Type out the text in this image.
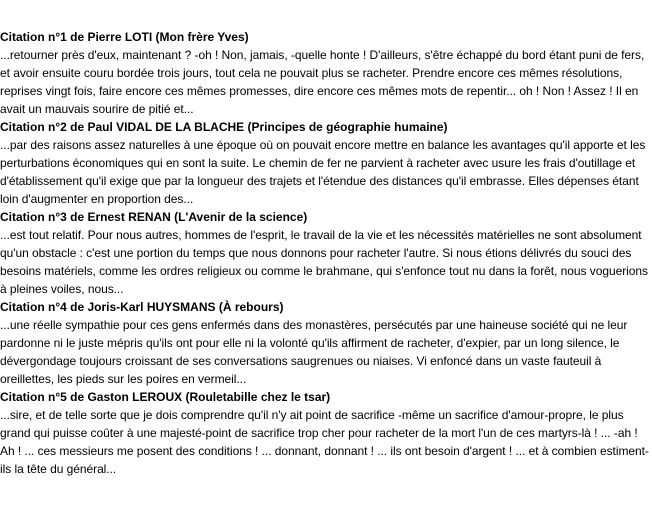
Citation n°1 de Pierre LOTI (Mon frère Yves)
...retourner près d'eux, maintenant ? -oh ! Non, jamais, -quelle honte ! D'ailleurs, s'être échappé du bord étant puni de fers, et avoir ensuite couru bordée trois jours, tout cela ne pouvait plus se racheter. Prendre encore ces mêmes résolutions, reprises vingt fois, faire encore ces mêmes promesses, dire encore ces mêmes mots de repentir... oh ! Non ! Assez ! Il en avait un mauvais sourire de pitié et...
Citation n°2 de Paul VIDAL DE LA BLACHE (Principes de géographie humaine)
...par des raisons assez naturelles à une époque où on pouvait encore mettre en balance les avantages qu'il apporte et les perturbations économiques qui en sont la suite. Le chemin de fer ne parvient à racheter avec usure les frais d'outillage et d'établissement qu'il exige que par la longueur des trajets et l'étendue des distances qu'il embrasse. Elles dépenses étant loin d'augmenter en proportion des...
Citation n°3 de Ernest RENAN (L'Avenir de la science)
...est tout relatif. Pour nous autres, hommes de l'esprit, le travail de la vie et les nécessités matérielles ne sont absolument qu'un obstacle : c'est une portion du temps que nous donnons pour racheter l'autre. Si nous étions délivrés du souci des besoins matériels, comme les ordres religieux ou comme le brahmane, qui s'enfonce tout nu dans la forêt, nous voguerions à pleines voiles, nous...
Citation n°4 de Joris-Karl HUYSMANS (À rebours)
...une réelle sympathie pour ces gens enfermés dans des monastères, persécutés par une haineuse société qui ne leur pardonne ni le juste mépris qu'ils ont pour elle ni la volonté qu'ils affirment de racheter, d'expier, par un long silence, le dévergondage toujours croissant de ses conversations saugrenues ou niaises. Vi enfoncé dans un vaste fauteuil à oreillettes, les pieds sur les poires en vermeil...
Citation n°5 de Gaston LEROUX (Rouletabille chez le tsar)
...sire, et de telle sorte que je dois comprendre qu'il n'y ait point de sacrifice -même un sacrifice d'amour-propre, le plus grand qui puisse coûter à une majesté-point de sacrifice trop cher pour racheter de la mort l'un de ces martyrs-là ! ... -ah ! Ah ! ... ces messieurs me posent des conditions ! ... donnant, donnant ! ... ils ont besoin d'argent ! ... et à combien estiment-ils la tête du général...
